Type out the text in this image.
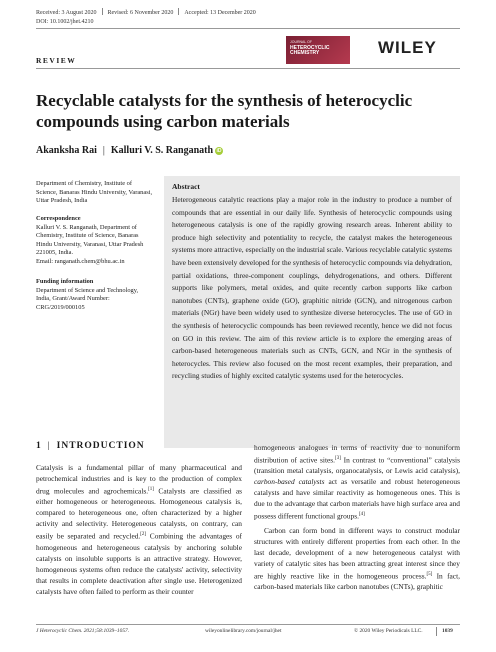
Received: 3 August 2020 Revised: 6 November 2020 Accepted: 13 December 2020
DOI: 10.1002/jhet.4210
JOURNAL OF
HETEROCYCLIC CHEMISTRY	WILEY
REVIEW
Recyclable catalysts for the synthesis of heterocyclic compounds using carbon materials
Akanksha Rai | Kalluri V. S. Ranganath iD

Department of Chemistry, Institute of Science, Banaras Hindu University, Varanasi, Uttar Pradesh, India

Correspondence

Kalluri V. S. Ranganath, Department of Chemistry, Institute of Science, Banaras Hindu University, Varanasi, Uttar Pradesh 221005, India.

Email: ranganath.chem@bhu.ac.in

Funding information

Department of Science and Technology, India, Grant/Award Number: CRG/2019/000105

Abstract

Heterogeneous catalytic reactions play a major role in the industry to produce a number of compounds that are essential in our daily life. Synthesis of heterocyclic compounds using heterogeneous catalysis is one of the rapidly growing research areas. Inherent ability to produce high selectivity and potentiality to recycle, the catalyst makes the heterogeneous systems more attractive, especially on the industrial scale. Various recyclable catalytic systems have been extensively developed for the synthesis of heterocyclic compounds via dehydration, partial oxidations, three-component couplings, dehydrogenations, and others. Different supports like polymers, metal oxides, and quite recently carbon supports like carbon nanotubes (CNTs), graphene oxide (GO), graphitic nitride (GCN), and nitrogenous carbon materials (NGr) have been widely used to synthesize diverse heterocycles. The use of GO in the synthesis of heterocyclic compounds has been reviewed recently, hence we did not focus on GO in this review. The aim of this review article is to explore the emerging areas of carbon-based heterogeneous materials such as CNTs, GCN, and NGr in the synthesis of heterocycles. This review also focused on the most recent examples, their preparation, and recycling studies of highly excited catalytic systems used for the heterocycles.

1 | INTRODUCTION

Catalysis is a fundamental pillar of many pharmaceutical and petrochemical industries and is key to the production of complex drug molecules and agrochemicals.[1] Catalysts are classified as either homogeneous or heterogeneous. Homogeneous catalysis is, compared to heterogeneous one, often characterized by a higher activity and selectivity. Heterogeneous catalysts, on contrary, can easily be separated and recycled.[2] Combining the advantages of homogeneous and heterogeneous catalysis by anchoring soluble catalysts on insoluble supports is an attractive strategy. However, homogeneous systems often reduce the catalysts' activity, selectivity that results in complete deactivation after single use. Heterogenized catalysts have often failed to perform as their counter

homogeneous analogues in terms of reactivity due to nonuniform distribution of active sites.[3] In contrast to “conventional” catalysis (transition metal catalysis, organocatalysis, or Lewis acid catalysis), carbon-based catalysts act as versatile and robust heterogeneous catalysts and have similar reactivity as homogeneous ones. This is due to the advantage that carbon materials have high surface area and possess different functional groups.[4]

Carbon can form bond in different ways to construct modular structures with entirely different properties from each other. In the last decade, development of a new heterogeneous catalyst with variety of catalytic sites has been attracting great interest since they are highly reactive like in the homogeneous process.[5] In fact, carbon-based materials like carbon nanotubes (CNTs), graphitic

J Heterocyclic Chem. 2021;58:1039–1057.	wileyonlinelibrary.com/journal/jhet	© 2020 Wiley Periodicals LLC.	1039
